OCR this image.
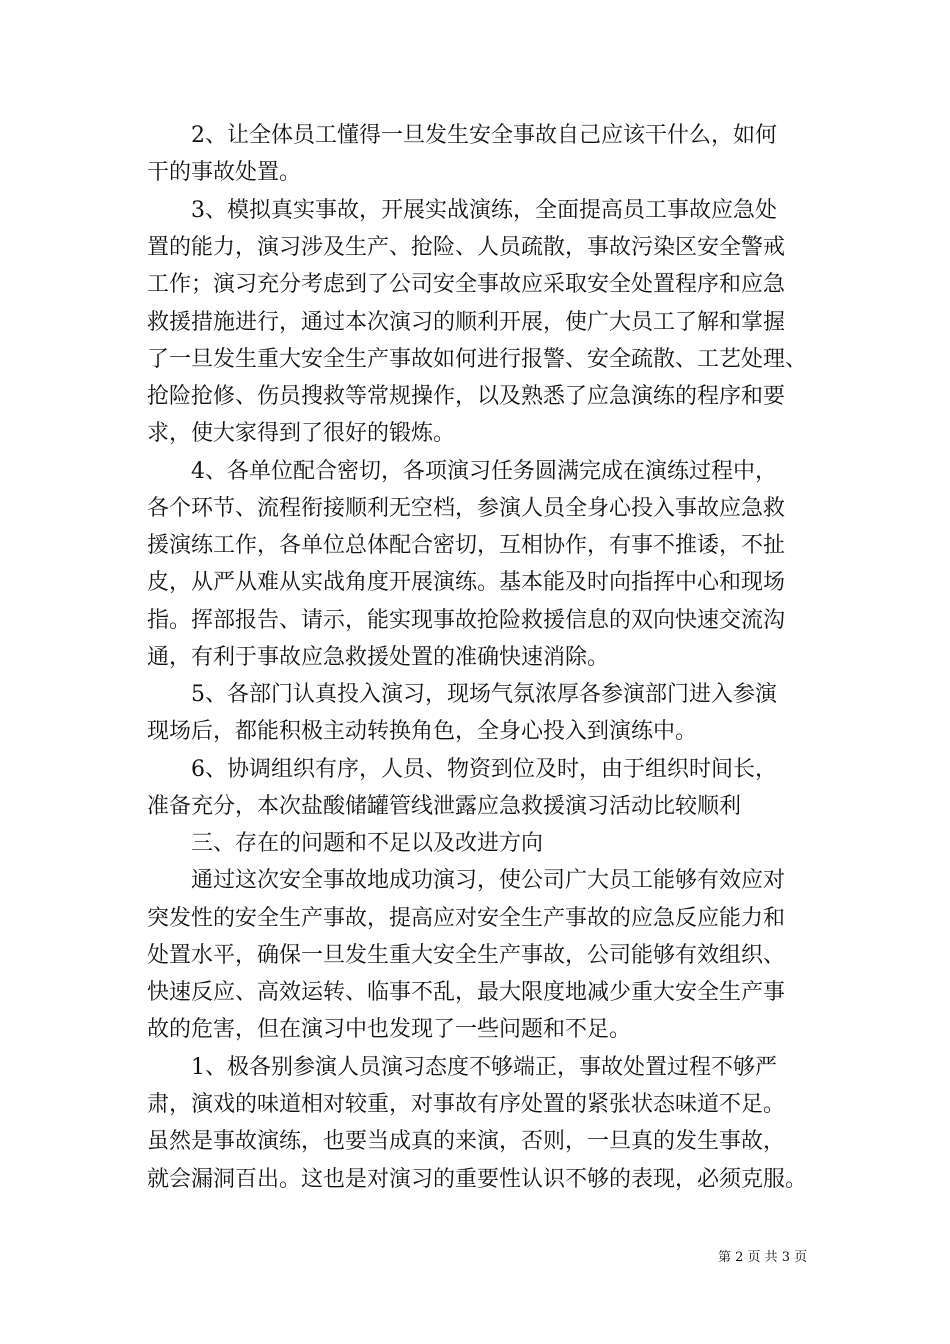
　　2、让全体员工懂得一旦发生安全事故自己应该干什么，如何
干的事故处置。
　　3、模拟真实事故，开展实战演练，全面提高员工事故应急处
置的能力，演习涉及生产、抢险、人员疏散，事故污染区安全警戒
工作；演习充分考虑到了公司安全事故应采取安全处置程序和应急
救援措施进行，通过本次演习的顺利开展，使广大员工了解和掌握
了一旦发生重大安全生产事故如何进行报警、安全疏散、工艺处理、
抢险抢修、伤员搜救等常规操作，以及熟悉了应急演练的程序和要
求，使大家得到了很好的锻炼。
　　4、各单位配合密切，各项演习任务圆满完成在演练过程中，
各个环节、流程衔接顺利无空档，参演人员全身心投入事故应急救
援演练工作，各单位总体配合密切，互相协作，有事不推诿，不扯
皮，从严从难从实战角度开展演练。基本能及时向指挥中心和现场
指。挥部报告、请示，能实现事故抢险救援信息的双向快速交流沟
通，有利于事故应急救援处置的准确快速消除。
　　5、各部门认真投入演习，现场气氛浓厚各参演部门进入参演
现场后，都能积极主动转换角色，全身心投入到演练中。
　　6、协调组织有序，人员、物资到位及时，由于组织时间长，
准备充分，本次盐酸储罐管线泄露应急救援演习活动比较顺利
　　三、存在的问题和不足以及改进方向
　　通过这次安全事故地成功演习，使公司广大员工能够有效应对
突发性的安全生产事故，提高应对安全生产事故的应急反应能力和
处置水平，确保一旦发生重大安全生产事故，公司能够有效组织、
快速反应、高效运转、临事不乱，最大限度地减少重大安全生产事
故的危害，但在演习中也发现了一些问题和不足。
　　1、极各别参演人员演习态度不够端正，事故处置过程不够严
肃，演戏的味道相对较重，对事故有序处置的紧张状态味道不足。
虽然是事故演练，也要当成真的来演，否则，一旦真的发生事故，
就会漏洞百出。这也是对演习的重要性认识不够的表现，必须克服。
第 2 页 共 3 页
